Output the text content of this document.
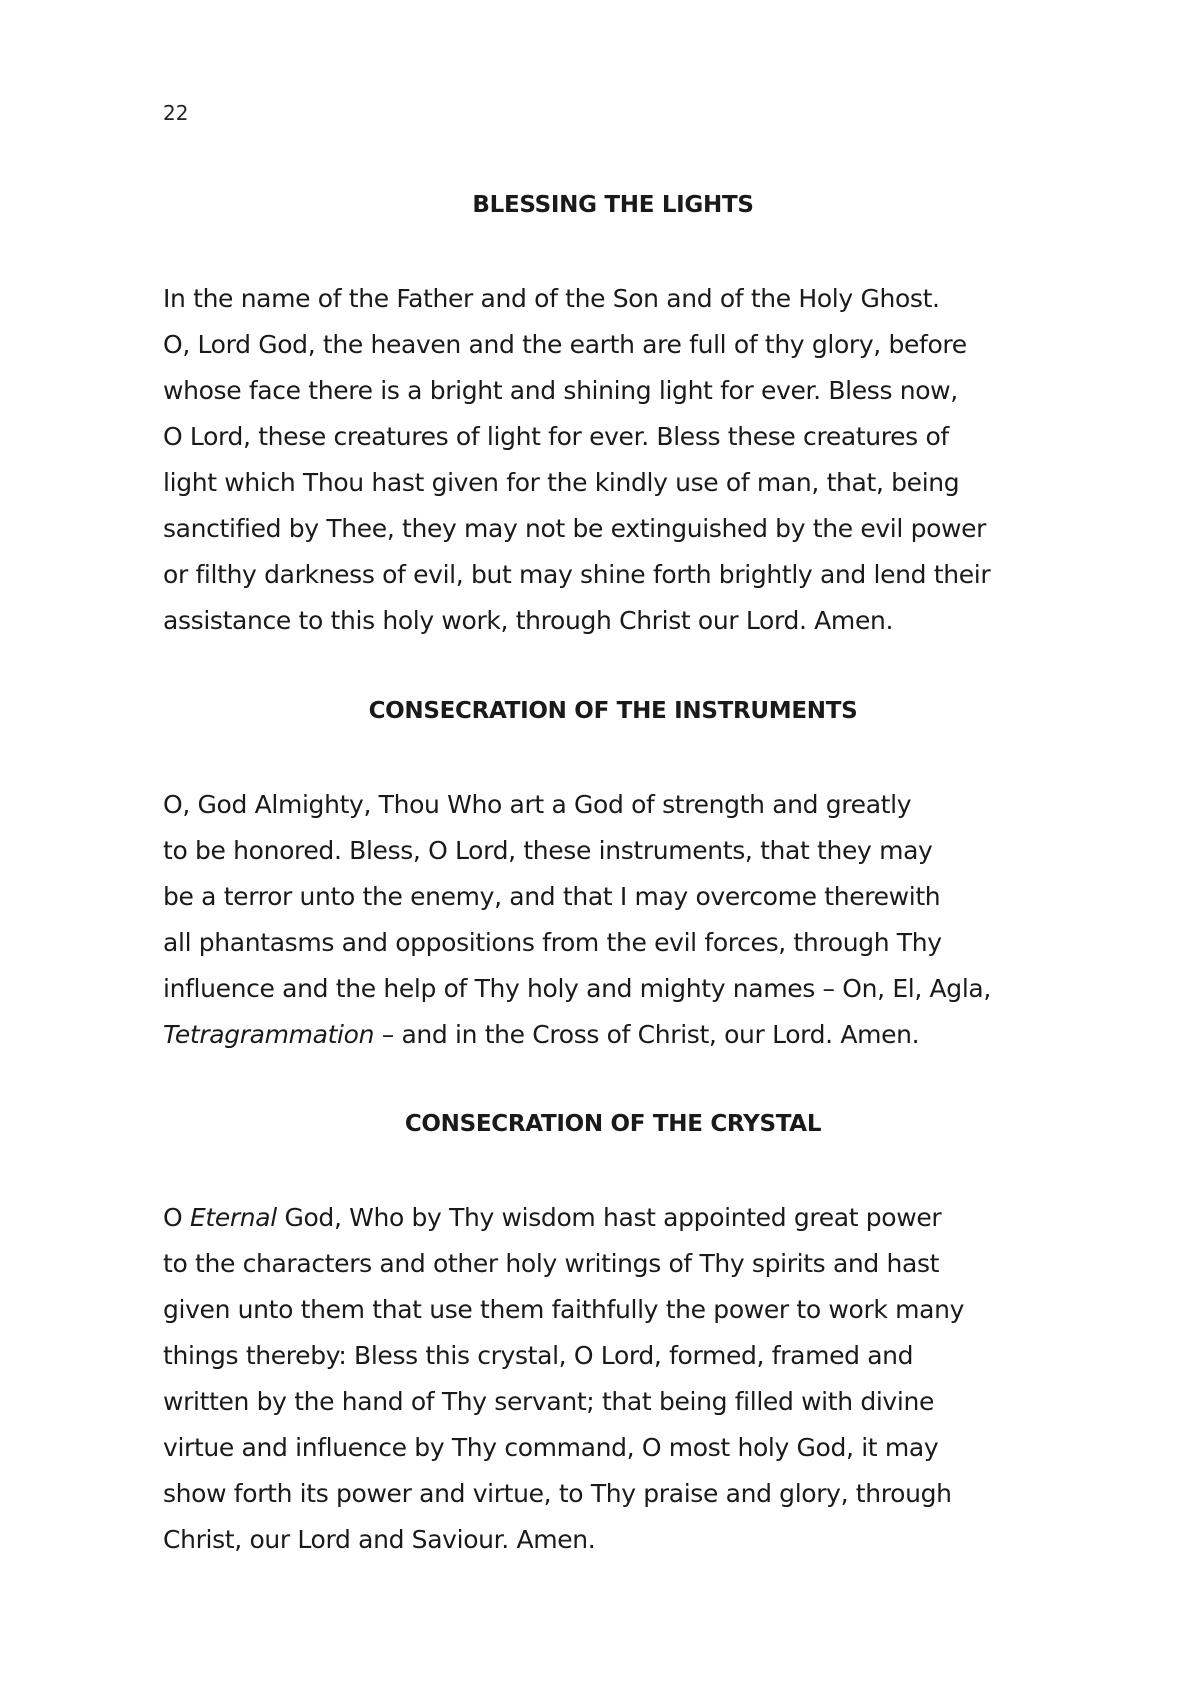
22
BLESSING THE LIGHTS

In the name of the Father and of the Son and of the Holy Ghost.
O, Lord God, the heaven and the earth are full of thy glory, before
whose face there is a bright and shining light for ever. Bless now,
O Lord, these creatures of light for ever. Bless these creatures of
light which Thou hast given for the kindly use of man, that, being
sanctified by Thee, they may not be extinguished by the evil power
or filthy darkness of evil, but may shine forth brightly and lend their
assistance to this holy work, through Christ our Lord. Amen.

CONSECRATION OF THE INSTRUMENTS

O, God Almighty, Thou Who art a God of strength and greatly
to be honored. Bless, O Lord, these instruments, that they may
be a terror unto the enemy, and that I may overcome therewith
all phantasms and oppositions from the evil forces, through Thy
influence and the help of Thy holy and mighty names – On, El, Agla,
Tetragrammation – and in the Cross of Christ, our Lord. Amen.

CONSECRATION OF THE CRYSTAL

O Eternal God, Who by Thy wisdom hast appointed great power
to the characters and other holy writings of Thy spirits and hast
given unto them that use them faithfully the power to work many
things thereby: Bless this crystal, O Lord, formed, framed and
written by the hand of Thy servant; that being filled with divine
virtue and influence by Thy command, O most holy God, it may
show forth its power and virtue, to Thy praise and glory, through
Christ, our Lord and Saviour. Amen.
